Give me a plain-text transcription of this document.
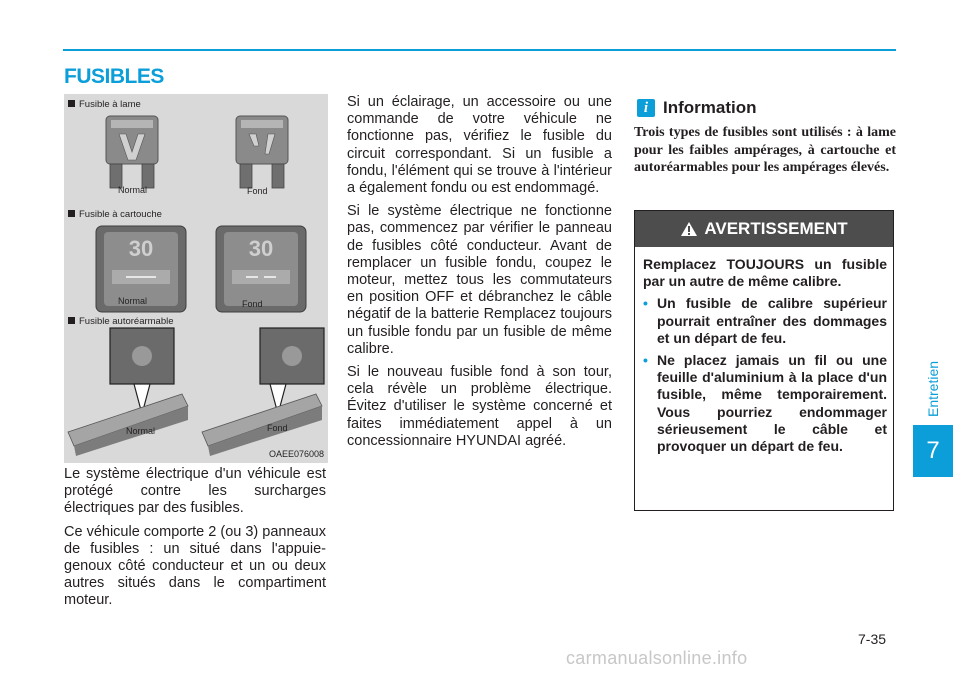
FUSIBLES
30	30
Fusible à lame
Normal	Fond
Fusible à cartouche
Normal	Fond
Fusible autoréarmable
Normal	Fond
OAEE076008

Le système électrique d'un véhicule est protégé contre les surcharges électriques par des fusibles.

Ce véhicule comporte 2 (ou 3) panneaux de fusibles : un situé dans l'appuie-genoux côté conducteur et un ou deux autres situés dans le compartiment moteur.

Si un éclairage, un accessoire ou une commande de votre véhicule ne fonctionne pas, vérifiez le fusible du circuit correspondant. Si un fusible a fondu, l'élément qui se trouve à l'intérieur a également fondu ou est endommagé.

Si le système électrique ne fonctionne pas, commencez par vérifier le panneau de fusibles côté conducteur. Avant de remplacer un fusible fondu, coupez le moteur, mettez tous les commutateurs en position OFF et débranchez le câble négatif de la batterie Remplacez toujours un fusible fondu par un fusible de même calibre.

Si le nouveau fusible fond à son tour, cela révèle un problème électrique. Évitez d'utiliser le système concerné et faites immédiatement appel à un concessionnaire HYUNDAI agréé.

i Information
Trois types de fusibles sont utilisés : à lame pour les faibles ampérages, à cartouche et autoréarmables pour les ampérages élevés.
AVERTISSEMENT

Remplacez TOUJOURS un fusible par un autre de même calibre.

• Un fusible de calibre supérieur pourrait entraîner des dommages et un départ de feu.
• Ne placez jamais un fil ou une feuille d'aluminium à la place d'un fusible, même temporairement. Vous pourriez endommager sérieusement le câble et provoquer un départ de feu.
Entretien
7
7-35
carmanualsonline.info
